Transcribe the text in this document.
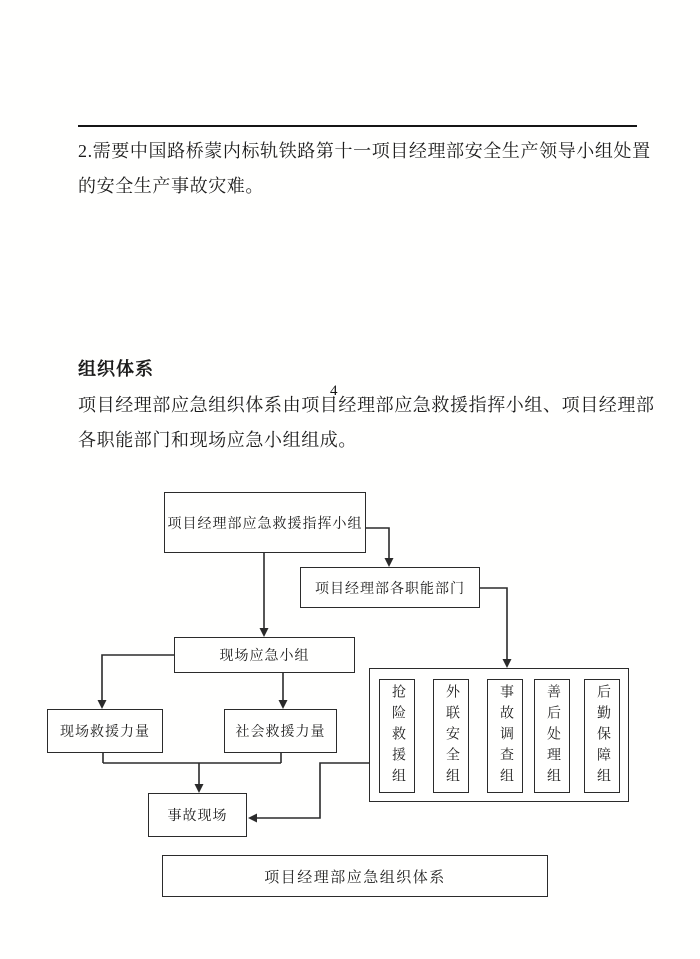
2.需要中国路桥蒙内标轨铁路第十一项目经理部安全生产领导小组处置
的安全生产事故灾难。
组织体系
项目经理部应急组织体系由项目经理部应急救援指挥小组、项目经理部
各职能部门和现场应急小组组成。
4
项目经理部应急救援指挥小组
项目经理部各职能部门
现场应急小组
现场救援力量	社会救援力量
事故现场
抢险救援组	外联安全组	事故调查组 善后处理组	后勤保障组
项目经理部应急组织体系
